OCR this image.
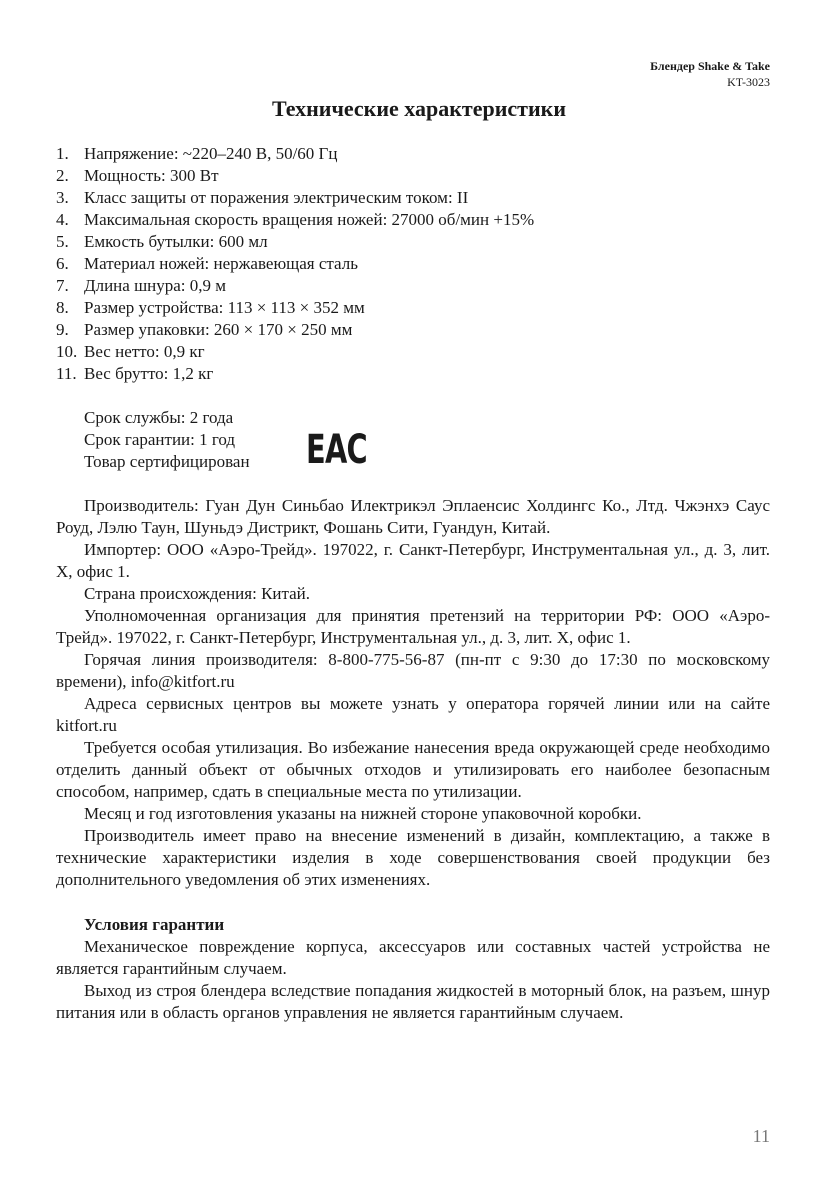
Блендер Shake & Take
KT-3023
Технические характеристики
1. Напряжение: ~220–240 В, 50/60 Гц
2. Мощность: 300 Вт
3. Класс защиты от поражения электрическим током: II
4. Максимальная скорость вращения ножей: 27000 об/мин +15%
5. Емкость бутылки: 600 мл
6. Материал ножей: нержавеющая сталь
7. Длина шнура: 0,9 м
8. Размер устройства: 113 × 113 × 352 мм
9. Размер упаковки: 260 × 170 × 250 мм
10. Вес нетто: 0,9 кг
11. Вес брутто: 1,2 кг
Срок службы: 2 года
Срок гарантии: 1 год
Товар сертифицирован EAC

Производитель: Гуан Дун Синьбао Илектрикэл Эплаенсис Холдингс Ко., Лтд. Чжэнхэ Саус Роуд, Лэлю Таун, Шуньдэ Дистрикт, Фошань Сити, Гуандун, Китай.

Импортер: ООО «Аэро-Трейд». 197022, г. Санкт-Петербург, Инструментальная ул., д. 3, лит. Х, офис 1.

Страна происхождения: Китай.

Уполномоченная организация для принятия претензий на территории РФ: ООО «Аэро-Трейд». 197022, г. Санкт-Петербург, Инструментальная ул., д. 3, лит. Х, офис 1.

Горячая линия производителя: 8-800-775-56-87 (пн-пт с 9:30 до 17:30 по московскому времени), info@kitfort.ru

Адреса сервисных центров вы можете узнать у оператора горячей линии или на сайте kitfort.ru

Требуется особая утилизация. Во избежание нанесения вреда окружающей среде необходимо отделить данный объект от обычных отходов и утилизировать его наиболее безопасным способом, например, сдать в специальные места по утилизации.

Месяц и год изготовления указаны на нижней стороне упаковочной коробки.

Производитель имеет право на внесение изменений в дизайн, комплектацию, а также в технические характеристики изделия в ходе совершенствования своей продукции без дополнительного уведомления об этих изменениях.

Условия гарантии

Механическое повреждение корпуса, аксессуаров или составных частей устройства не является гарантийным случаем.

Выход из строя блендера вследствие попадания жидкостей в моторный блок, на разъем, шнур питания или в область органов управления не является гарантийным случаем.

11
